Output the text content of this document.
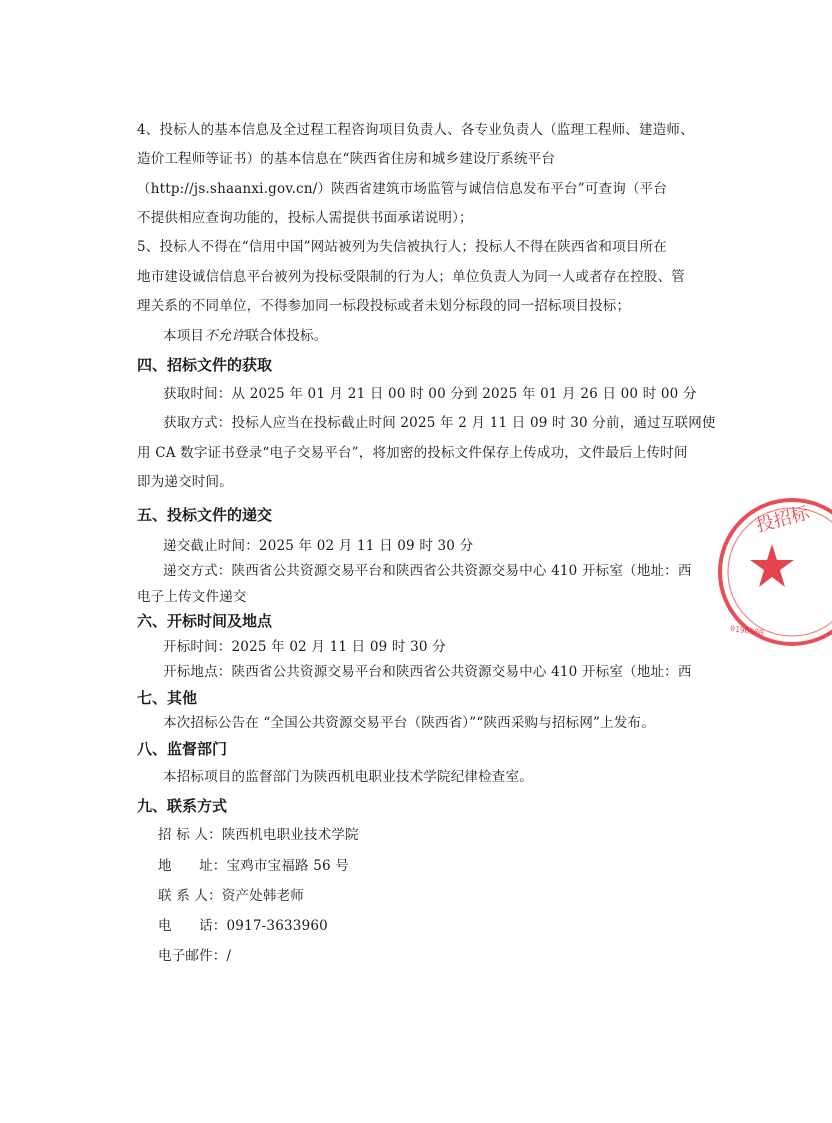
4、投标人的基本信息及全过程工程咨询项目负责人、各专业负责人（监理工程师、建造师、
造价工程师等证书）的基本信息在“陕西省住房和城乡建设厅系统平台
（http://js.shaanxi.gov.cn/）陕西省建筑市场监管与诚信信息发布平台”可查询（平台
不提供相应查询功能的，投标人需提供书面承诺说明）；
5、投标人不得在“信用中国”网站被列为失信被执行人；投标人不得在陕西省和项目所在
地市建设诚信信息平台被列为投标受限制的行为人；单位负责人为同一人或者存在控股、管
理关系的不同单位，不得参加同一标段投标或者未划分标段的同一招标项目投标；
本项目不允许联合体投标。
四、招标文件的获取
获取时间：从 2025 年 01 月 21 日 00 时 00 分到 2025 年 01 月 26 日 00 时 00 分
获取方式：投标人应当在投标截止时间 2025 年 2 月 11 日 09 时 30 分前，通过互联网使
用 CA 数字证书登录“电子交易平台”，将加密的投标文件保存上传成功，文件最后上传时间
即为递交时间。
五、投标文件的递交
递交截止时间：2025 年 02 月 11 日 09 时 30 分
递交方式：陕西省公共资源交易平台和陕西省公共资源交易中心 410 开标室（地址：西
电子上传文件递交
六、开标时间及地点
开标时间：2025 年 02 月 11 日 09 时 30 分
开标地点：陕西省公共资源交易平台和陕西省公共资源交易中心 410 开标室（地址：西
七、其他
本次招标公告在 “全国公共资源交易平台（陕西省）”“陕西采购与招标网”上发布。
八、监督部门
本招标项目的监督部门为陕西机电职业技术学院纪律检查室。
九、联系方式
招 标 人：陕西机电职业技术学院
地　　址：宝鸡市宝福路 56 号
联 系 人：资产处韩老师
电　　话：0917-3633960
电子邮件：/
投招标
0190900
